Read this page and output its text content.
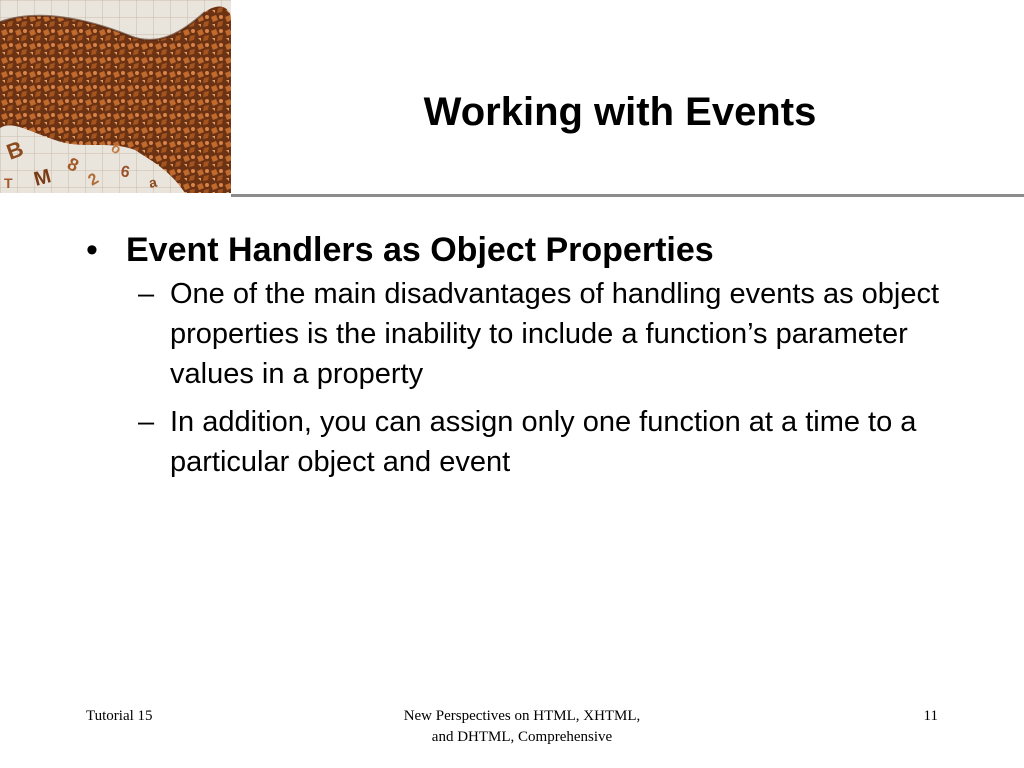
B
M
8
2 6
a
T
o
Working with Events
• Event Handlers as Object Properties
– One of the main disadvantages of handling events as object properties is the inability to include a function’s parameter values in a property
– In addition, you can assign only one function at a time to a particular object and event
Tutorial 15	New Perspectives on HTML, XHTML,
and DHTML, Comprehensive
11
